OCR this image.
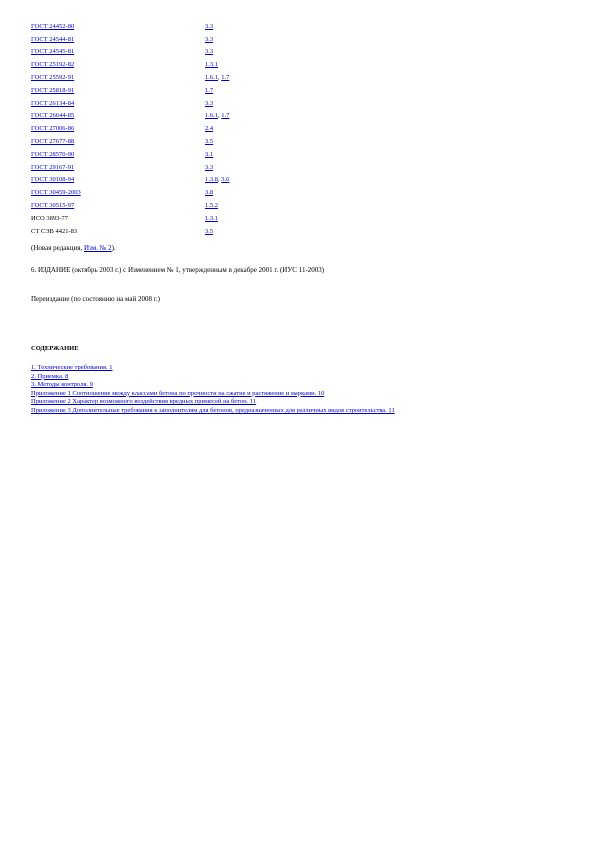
ГОСТ 24452-80	3.3
ГОСТ 24544-81	3.3
ГОСТ 24545-81	3.3
ГОСТ 25192-82	1.3.1
ГОСТ 25592-91	1.6.1, 1.7
ГОСТ 25818-91	1.7
ГОСТ 26134-84	3.3
ГОСТ 26644-85	1.6.1, 1.7
ГОСТ 27006-86	2.4
ГОСТ 27677-88	3.5
ГОСТ 28570-90	3.1
ГОСТ 29167-91	3.3
ГОСТ 30108-94	1.3.8, 3.6
ГОСТ 30459-2003	3.8
ГОСТ 30515-97	1.5.2
ИСО 3893-77	1.3.1
СТ СЭВ 4421-83	3.5
(Новая редакция, Изм. № 2).
6. ИЗДАНИЕ (октябрь 2003 г.) с Изменением № 1, утвержденным в декабре 2001 г. (ИУС 11-2003)
Переиздание (по состоянию на май 2008 г.)
СОДЕРЖАНИЕ
1. Технические требования. 1
2. Приемка. 8
3. Методы контроля. 9
Приложение 1 Соотношение между классами бетона по прочности на сжатие и растяжение и марками. 10
Приложение 2 Характер возможного воздействия вредных примесей на бетон. 11
Приложение 3 Дополнительные требования к заполнителям для бетонов, предназначенных для различных видов строительства. 11
